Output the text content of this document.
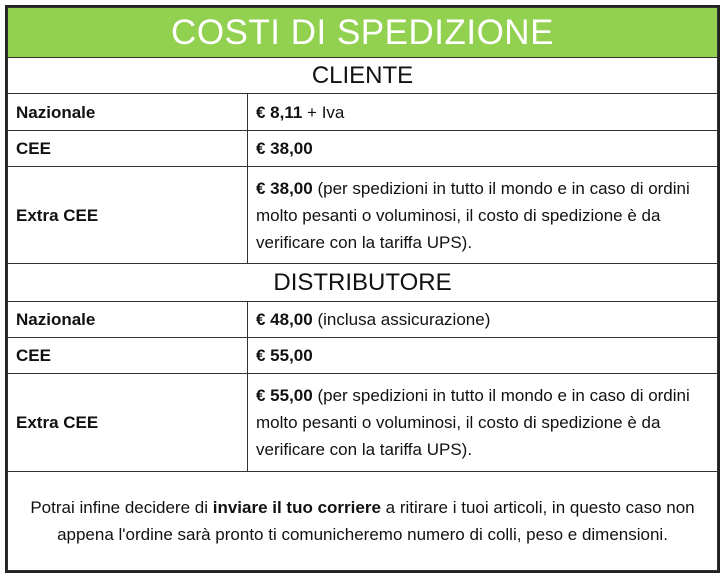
COSTI DI SPEDIZIONE	
CLIENTE	
Nazionale	€ 8,11 + Iva
CEE	€ 38,00
Extra CEE	€ 38,00 (per spedizioni in tutto il mondo e in caso di ordini molto pesanti o voluminosi, il costo di spedizione è da verificare con la tariffa UPS).
DISTRIBUTORE	
Nazionale	€ 48,00 (inclusa assicurazione)
CEE	€ 55,00
Extra CEE	€ 55,00 (per spedizioni in tutto il mondo e in caso di ordini molto pesanti o voluminosi, il costo di spedizione è da verificare con la tariffa UPS).
Potrai infine decidere di inviare il tuo corriere a ritirare i tuoi articoli, in questo caso non appena l'ordine sarà pronto ti comunicheremo numero di colli, peso e dimensioni.	
